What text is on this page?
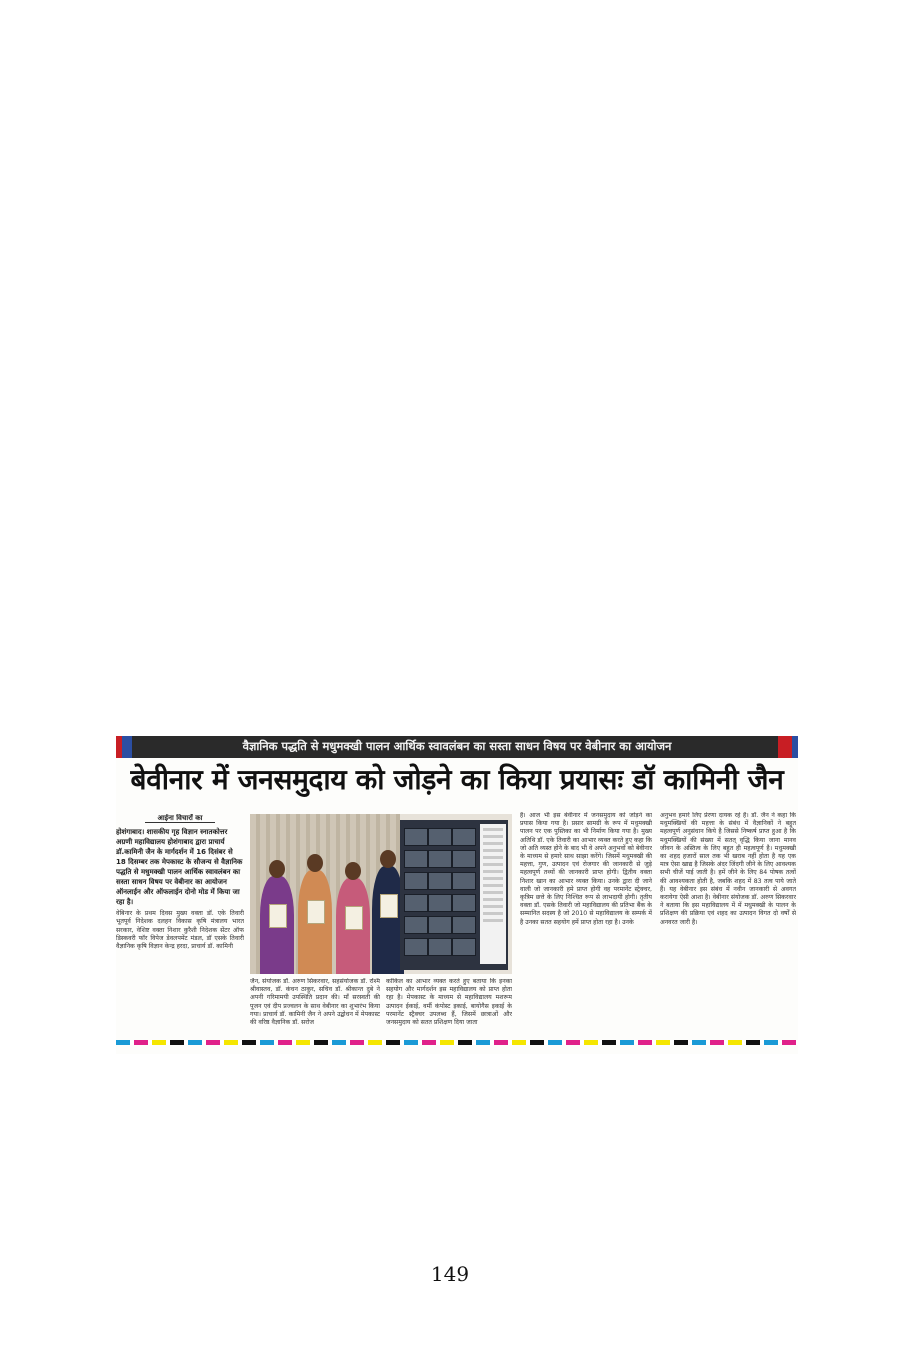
वैज्ञानिक पद्धति से मधुमक्खी पालन आर्थिक स्वावलंबन का सस्ता साधन विषय पर वेबीनार का आयोजन
बेवीनार में जनसमुदाय को जोड़ने का किया प्रयासः डॉ कामिनी जैन
आईना विचारों का

होशंगाबाद। शासकीय गृह विज्ञान स्नातकोत्तर अग्रणी महाविद्यालय होशंगाबाद द्वारा प्राचार्य डॉ.कामिनी जैन के मार्गदर्शन में 16 दिसंबर से 18 दिसम्बर तक मेपकास्ट के सौजन्य से वैज्ञानिक पद्धति से मधुमक्खी पालन आर्थिक स्वावलंबन का सस्ता साधन विषय पर वेबीनार का आयोजन ऑनलाईन और ऑफलाईन दोनो मोड में किया जा रहा है।

वेबिनार के प्रथम दिवस मुख्य वक्ता डॉ. एके तिवारी भूतपूर्व निदेशक दलहन विकास कृषि मंत्रालय भारत सरकार, वेशिष्ट वक्ता निशार कुरैशी निदेशक सेंटर ऑफ डिस्कवरी फॉर विपेज डेवलपमेंट मंडल, डॉ एसके तिवारी वैज्ञानिक कृषि विज्ञान केन्द्र हरदा, प्राचार्य डॉ. कामिनी

जैन, संयोजक डॉ. अरुण सिकरवार, सहसंयोजक डॉ. रश्मि श्रीवास्तव, डॉ. कंचन ठाकुर, सचिव डॉ. श्रीकान्त दुबे ने अपनी गरिमामयी उपस्थिति प्रदान की। माँ सरस्वती की पूजन एवं दीप प्रज्वलन के साथ वेबीनार का शुभारंभ किया गया। प्राचार्य डॉ. कामिनी जैन ने अपने उद्बोधन में मेपकास्ट की वरिष्ठ वैज्ञानिक डॉ. सरोज

कोकिल का आभार व्यक्त करते हुए बताया कि इनका सहयोग और मार्गदर्शन इस महाविद्यालय को प्राप्त होता रहा है। मेपकास्ट के माध्यम से महाविद्यालय मशरूम उत्पादन ईकाई, वर्मी कंपोस्ट इकाई, बायोगैस इकाई के परमानेंट स्ट्रैक्चर उपलब्ध हैं, जिसमें छात्राओं और जनसमुदाय को सतत प्रशिक्षण दिया जाता

है। आज भी इस बेवीनार में जनसमुदाय को जोड़ने का प्रयास किया गया है। प्रसार सामग्री के रूप में मधुमक्खी पालन पर एक पुस्तिका का भी निर्माण किया गया है। मुख्य अतिथि डॉ. एके तिवारी का आभार व्यक्त करते हुए कहा कि जो अति व्यस्त होने के बाद भी वे अपने अनुभवों को बेवीनार के माध्यम से हमारे साथ साझा करेंगे। जिसमें मधुमक्खी की महत्ता, गुण, उत्पादन एवं रोजगार की जानकारी से जुड़े महत्वपूर्ण तथ्यों की जानकारी प्राप्त होगी। द्वितीय वक्ता निशार खान का आभार व्यक्त किया। उनके द्वारा दी जाने वाली जो जानकारी हमे प्राप्त होगी वह परमानेंट स्ट्रेक्चर, कृत्रिम छत्ते के लिए निश्चित रूप से लाभदायी होगी। तृतीय वक्ता डॉ. एसके तिवारी जो महाविद्यालय की प्रतिभा बैंक के सम्मानित सदस्य है जो 2010 से महाविद्यालय के सम्पर्क में है उनका सतत सहयोग हमें प्राप्त होता रहा है। उनके

अनुभव हमारे लिए प्रेरणा दायक रहे है। डॉ. जैन ने कहा कि मधुमक्खियों की महत्ता के संबंध में वैज्ञानिकों ने बहुत महत्वपूर्ण अनुसंधान किये है जिससे निष्कर्ष प्राप्त हुआ है कि मधुमक्खियों की संख्या में सतत् वृद्धि किया जाना मानव जीवन के अस्तित्व के लिए बहुत ही महत्वपूर्ण है। मधुमक्खी का शहद हजारों साल तक भी खराब नहीं होता है यह एक मात्र ऐसा खाद्य है जिसके अंदर जिंदगी जीने के लिए आवश्यक सभी चीजें पाई जाती है। हमें जीने के लिए 84 पोषक तत्वों की आवश्यकता होती है, जबकि शहद में 83 तत्व पाये जाते हैं। यह वेबीनार इस संबंध में नवीन जानकारी से अवगत करायेगा ऐसी आशा है। वेबीनार संयोजक डॉ. अरुण सिकरवार ने बताया कि इस महाविद्यालय में में मधुमक्खी के पालन के प्रशिक्षण की प्रक्रिया एवं शहद का उत्पादन विगत दो वर्षों से अनवरत जारी है।

149
